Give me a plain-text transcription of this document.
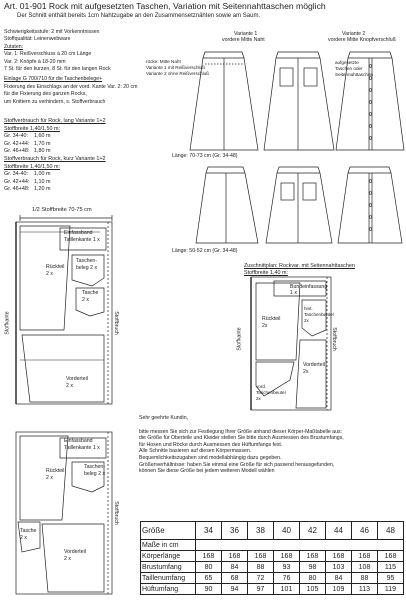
Art. 01-901 Rock mit aufgesetzten Taschen, Variation mit Seitennahttaschen möglich
Der Schnitt enthält bereits 1cm Nahtzugabe an den Zusammensetznähten sowie am Saum.
Schwierigkeitsstufe: 2 mit Vorkenntnissen
Stoffqualität: Leinenwebware
Zutaten:
Var. 1: Reißverschluss à 20 cm Länge
Var. 2: Knöpfe à 18-20 mm
7 St. für den kurzen, 8 St. für den langen Rock
Einlage G 700/710 für die Taschenbelege+
Fixierung des Einschlags an der vord. Kante Var. 2: 20 cm
für die Fixierung des ganzen Rocks,
um Knittern zu verhindern, s. Stoffverbrauch
Stoffverbrauch für Rock, lang Variante 1+2
Stoffbreite 1,40/1,50 m:
Gr. 34-40: 1,60 m
Gr. 42+44: 1,70 m
Gr. 46+48: 1,80 m
Stoffverbrauch für Rock, kurz Variante 1+2
Stoffbreite 1,40/1,50 m:
Gr. 34-40: 1,00 m
Gr. 42+44: 1,10 m
Gr. 46+48: 1,20 m
Variante 1
vordere Mitte Naht
Variante 2
vordere Mitte Knopfverschluß
rücke: Mitte Naht
Variante 1 mit Reißverschluß
Variante 2 ohne Reißverschluß
aufgesetzte
Taschen oder
Seitennahttaschen
Länge: 70-73 cm (Gr. 34-48)
Länge: 50-52 cm (Gr. 34-48)
1/2 Stoffbreite 70-75 cm
Einfassband
Taillenkante 1 x
Rückteil
2 x
Taschen-
beleg 2 x
Tasche
2 x
Vorderteil
2 x
Stoffkante	Stoffbruch
Einfassband
Taillenkante 1 x
Rückteil
2 x
Taschen-
beleg 2 x
Tasche
2 x
Vorderteil
2 x
Stoffbruch
Zuschnittplan: Rockvar. mit Seitennahttaschen
Stoffbreite 1,40 m:
Bundeinfassung
1 x
Rückteil
2x
hint.
Taschenbeutel
2x
Vorderteil
2x
vord.
Taschenbeutel
2x
Stoffkante	Stoffbruch
Sehr geehrte Kundin,
bitte messen Sie sich zur Festlegung Ihrer Größe anhand dieser Körper-Maßtabelle aus:
die Größe für Oberteile und Kleider stellen Sie bitte durch Ausmessen des Brustumfangs,
für Hosen und Röcke durch Ausmessen des Hüftumfangs fest.
Alle Schnitte basieren auf diesen Körpermassen.
Bequemlichkeitszugaben sind modellabhängig dazu gegeben.
Größenverhältnisse: haben Sie einmal eine Größe für sich passend herausgefunden,
können Sie diese Größe bei jedem weiteren Modell wählen
Größe	34	36	38	40	42	44	46	48
Maße in cm								
Körperlänge	168	168	168	168	168	168	168	168
Brustumfang	80	84	88	93	98	103	108	115
Taillenumfang	65	68	72	76	80	84	88	95
Hüftumfang	90	94	97	101	105	109	113	119
